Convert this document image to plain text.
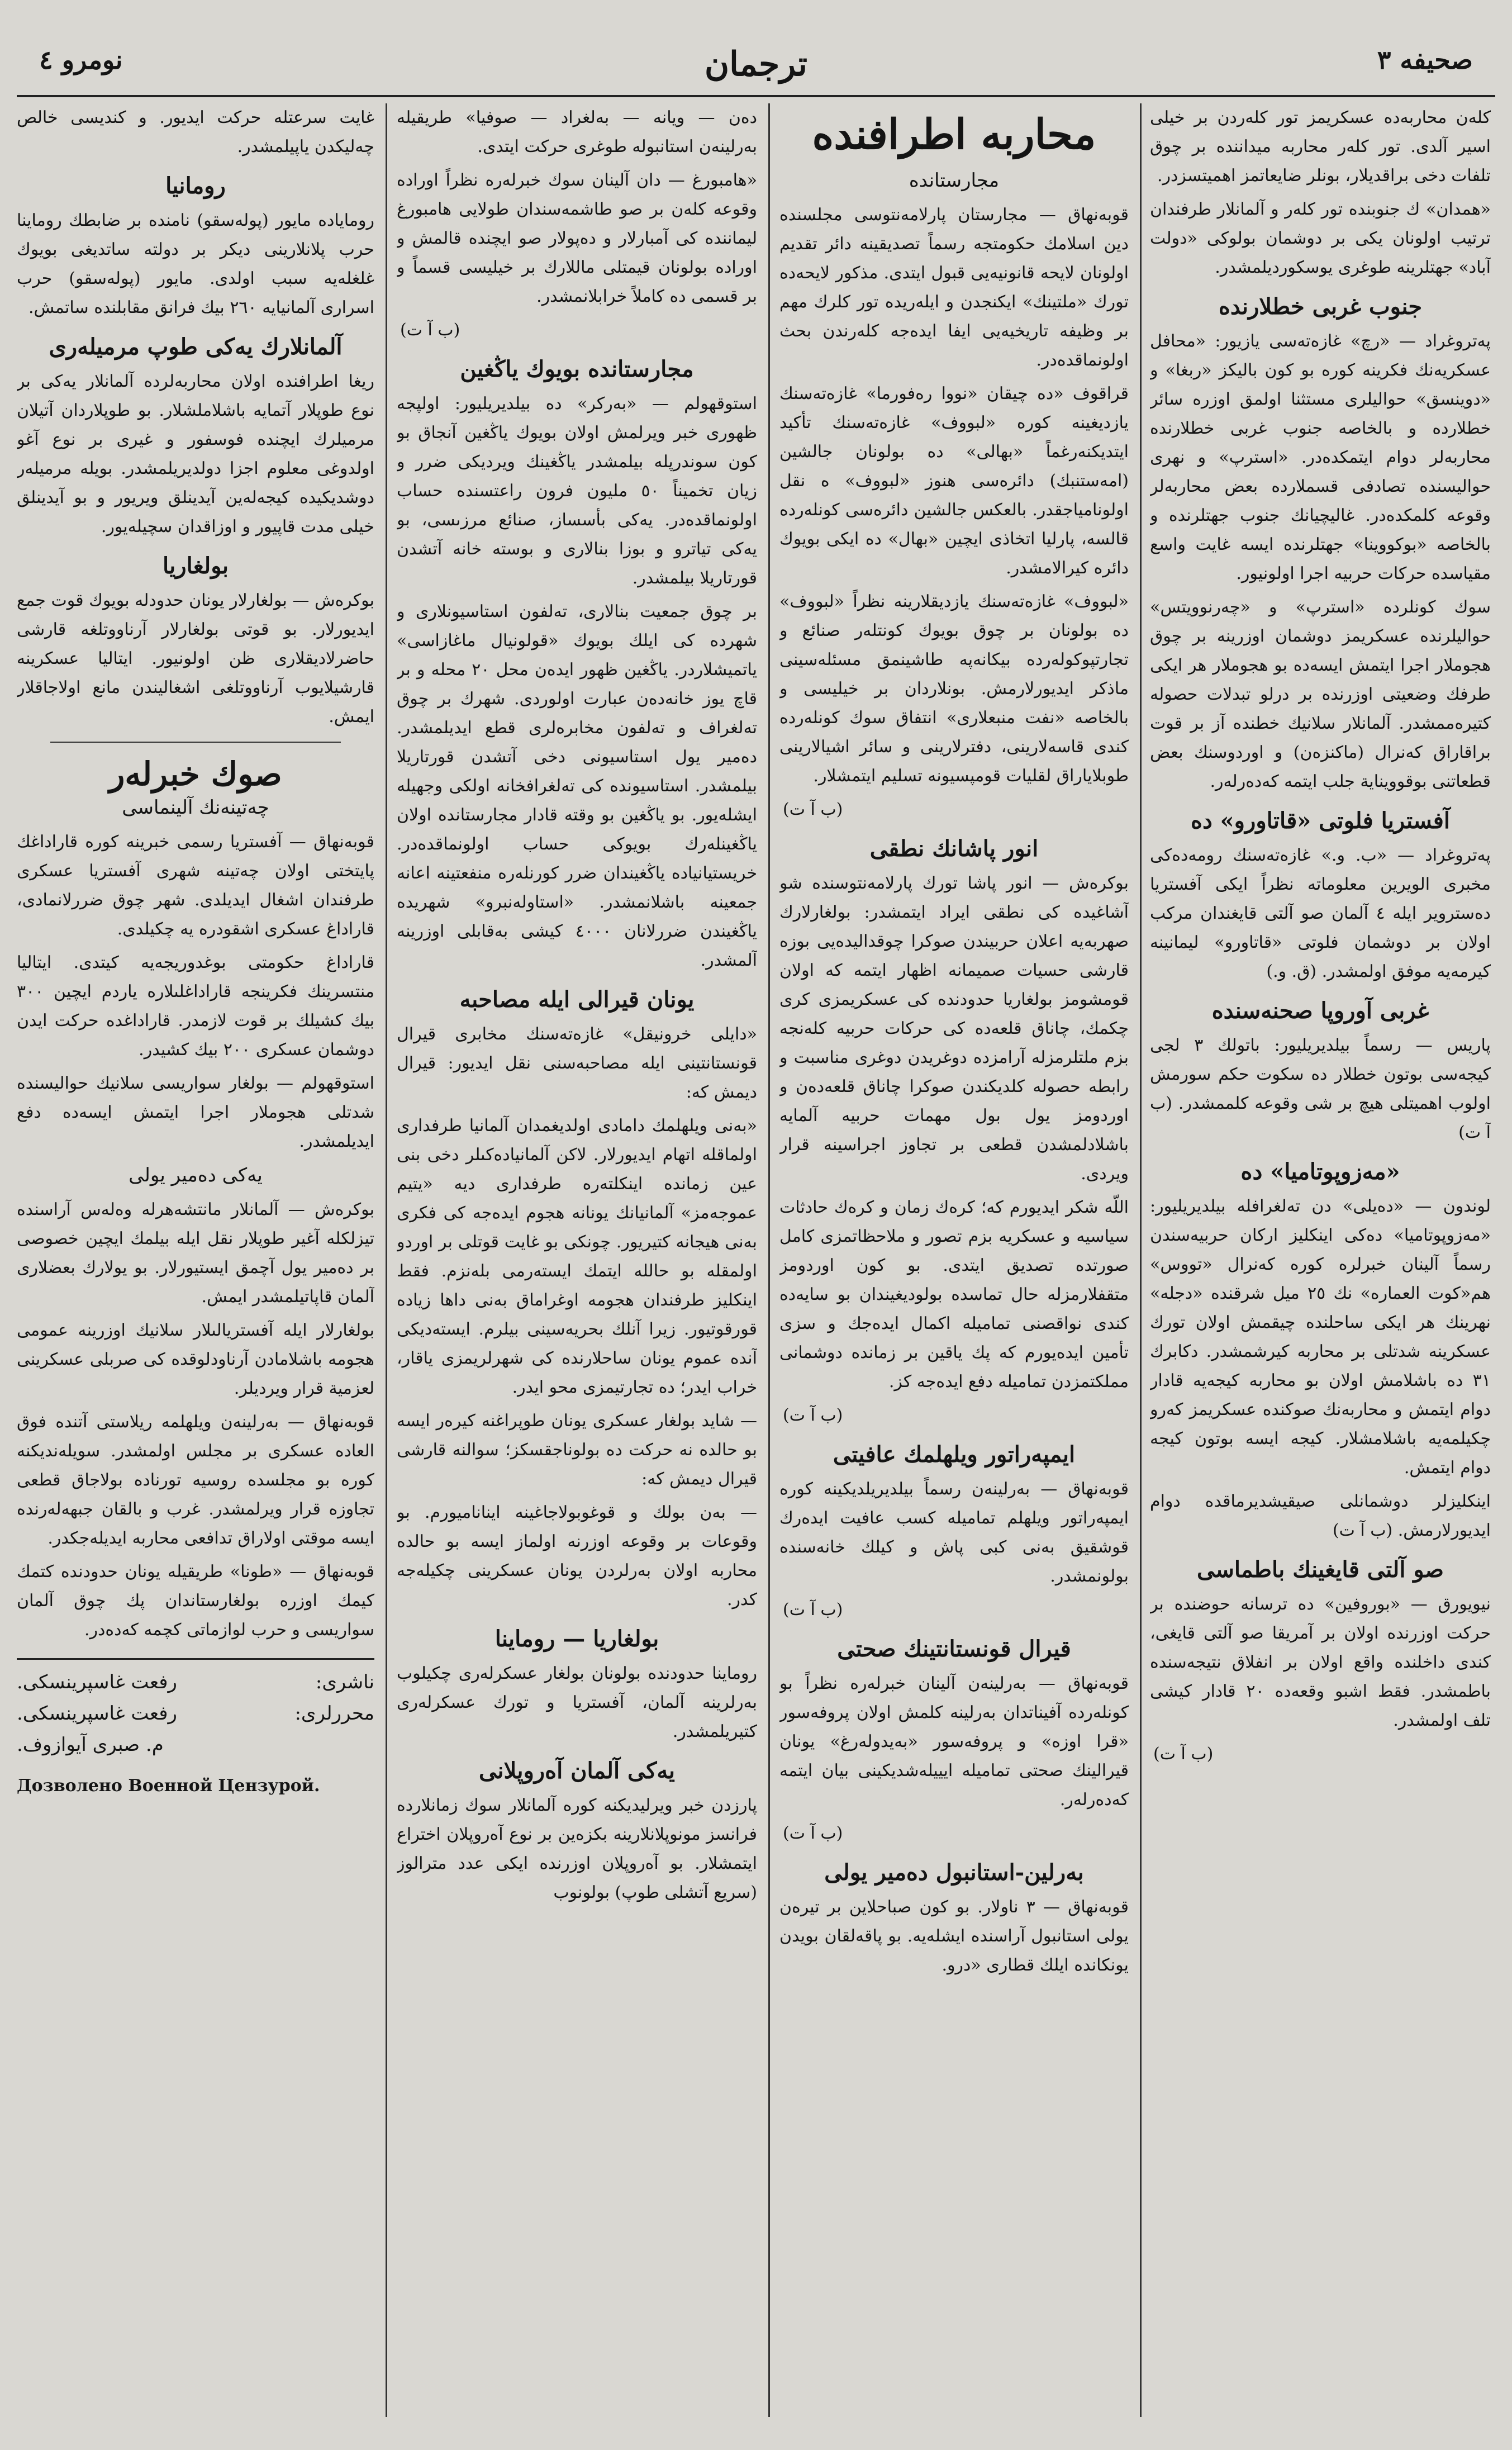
صحيفه ٣
ترجمان
نومرو ٤

كلەن محاربەدە عسكريمز تور كلەردن بر خيلى اسير آلدى. تور كلەر محاربە ميدانندە بر چوق تلفات دخى براقديلار، بونلر ضايعاتمز اهميتسزدر.

«همدان» ك جنوبندە تور كلەر و آلمانلار طرفندان ترتيب اولونان يكى بر دوشمان بولوكى «دولت آباد» جهتلرينە طوغرى يوسكورديلمشدر.

جنوب غربى خطلارندە

پەتروغراد — «رچ» غازەتەسى يازيور: «محافل عسكريەنك فكرينە كورە بو كون باليكز «ربغا» و «دوينسق» حواليلرى مستثنا اولمق اوزرە سائر خطلاردە و بالخاصە جنوب غربى خطلارندە محاربەلر دوام ايتمكدەدر. «استرپ» و نهرى حواليسندە تصادفى قسملاردە بعض محاربەلر وقوعە كلمكدەدر. غاليچيانك جنوب جهتلرندە و بالخاصە «بوكووينا» جهتلرندە ايسە غايت واسع مقياسدە حركات حربيە اجرا اولونيور.

سوك كونلردە «استرپ» و «چەرنوويتس» حواليلرندە عسكريمز دوشمان اوزرينە بر چوق هجوملار اجرا ايتمش ايسەدە بو هجوملار هر ايكى طرفك وضعيتى اوزرندە بر درلو تبدلات حصولە كتيرەممشدر. آلمانلار سلانيك خطندە آز بر قوت براقاراق كەنرال (ماكنزەن) و اوردوسنك بعض قطعاتنى بوقوويناية جلب ايتمە كەدەرلەر.

آفستريا فلوتى «قاتاورو» دە

پەتروغراد — «ب. و.» غازەتەسنك رومەدەكى مخبرى الويرين معلوماتە نظراً ايكى آفستريا دەستروير ايلە ٤ آلمان صو آلتى قايغندان مركب اولان بر دوشمان فلوتى «قاتاورو» ليمانينە كيرمەيە موفق اولمشدر. (ق. و.)

غربى آوروپا صحنەسندە

پاريس — رسماً بيلديريليور: باتولك ٣ لجى كيجەسى بوتون خطلار دە سكوت حكم سورمش اولوب اهميتلى هيچ بر شى وقوعە كلممشدر. (ب آ ت)

«مەزوپوتاميا» دە

لوندون — «دەيلى» دن تەلغرافلە بيلديريليور: «مەزوپوتاميا» دەكى اينكليز اركان حربيەسندن رسماً آلينان خبرلرە كورە كەنرال «تووس» هم«كوت العمارە» نك ٢٥ ميل شرقندە «دجلە» نهرينك هر ايكى ساحلندە چيقمش اولان تورك عسكرينە شدتلى بر محاربە كيرشمشدر. دكابرك ٣١ دە باشلامش اولان بو محاربە كيجەيە قادار دوام ايتمش و محاربەنك صوكنده عسكريمز كەرو چكيلمەيە باشلامشلار. كيجە ايسە بوتون كيجە دوام ايتمش.

اينكليزلر دوشمانلى صيقيشديرماقدە دوام ايديورلارمش. (ب آ ت)

صو آلتى قايغينك باطماسى

نيويورق — «بوروفين» دە ترسانە حوضندە بر حركت اوزرندە اولان بر آمريقا صو آلتى قايغى، كندى داخلندە واقع اولان بر انفلاق نتيجەسندە باطمشدر. فقط اشبو وقعەدە ٢٠ قادار كيشى تلف اولمشدر.

(ب آ ت)
محاربه اطرافنده
مجارستانده

قوبەنهاق — مجارستان پارلامەنتوسى مجلسندە دين اسلامك حكومتجە رسماً تصديقينە دائر تقديم اولونان لايحە قانونيەيى قبول ايتدى. مذكور لايحەدە تورك «ملتينك» ايكنجدن و ايلەريدە تور كلرك مهم بر وظيفە تاريخيەيى ايفا ايدەجە كلەرندن بحث اولونماقدەدر.

قراقوف «دە چيقان «نووا رەفورما» غازەتەسنك يازديغينە كورە «لبووف» غازەتەسنك تأكيد ايتديكنەرغماً «بهالى» دە بولونان جالشين (امەستنبك) دائرەسى هنوز «لبووف» ە نقل اولونامياجقدر. بالعكس جالشين دائرەسى كونلەردە قالسە، پارليا اتخاذى ايچين «بهال» دە ايكى بويوك دائرە كيرالامشدر.

«لبووف» غازەتەسنك يازديقلارينە نظراً «لبووف» دە بولونان بر چوق بويوك كونتلەر صنائع و تجارتپوكولەردە بيكانەپە طاشينمق مسئلەسينى ماذكر ايديورلارمش. بونلاردان بر خيليسى و بالخاصە «نفت منبعلارى» انتفاق سوك كونلەردە كندى قاسەلارينى، دفترلارينى و سائر اشيالارينى طوبلاياراق لقليات قومپسيونە تسليم ايتمشلار.

(ب آ ت)
انور پاشانك نطقى

بوكرەش — انور پاشا تورك پارلامەنتوسندە شو آشاغيدە كى نطقى ايراد ايتمشدر: بولغارلارك صهربەيە اعلان حربيندن صوكرا چوقداليدەيى بوزە قارشى حسيات صميمانە اظهار ايتمە كە اولان قومشومز بولغاريا حدودندە كى عسكريمزى كرى چكمك، چاناق قلعەدە كى حركات حربيە كلەنجە بزم ملتلرمزلە آرامزدە دوغريدن دوغرى مناسبت و رابطە حصولە كلديكندن صوكرا چاناق قلعەدەن و اوردومز يول بول مهمات حربيە آلمايە باشلادلمشدن قطعى بر تجاوز اجراسينە قرار ويردى.

اللّه شكر ايديورم كە؛ كرەك زمان و كرەك حادثات سياسيە و عسكريە بزم تصور و ملاحظاتمزى كامل صورتدە تصديق ايتدى. بو كون اوردومز متقفلارمزلە حال تماسدە بولوديغيندان بو سايەدە كندى نواقصنى تماميلە اكمال ايدەجك و سزى تأمين ايدەيورم كە پك ياقين بر زماندە دوشمانى مملكتمزدن تماميلە دفع ايدەجە كز.

(ب آ ت)
ايمپەراتور ويلهلمك عافيتى

قوبەنهاق — بەرلينەن رسماً بيلديريلديكينە كورە ايمپەراتور ويلهلم تماميلە كسب عافيت ايدەرك قوشقيق بەنى كبى پاش و كيلك خانەسندە بولونمشدر.

(ب آ ت)
قيرال قونستانتينك صحتى

قوبەنهاق — بەرلينەن آلينان خبرلەرە نظراً بو كونلەردە آفيناتدان بەرلينە كلمش اولان پروفەسور «قرا اوزە» و پروفەسور «بەيدولەرغ» يونان قيرالينك صحتى تماميلە ايييلەشديكينى بيان ايتمە كەدەرلەر.

(ب آ ت)
بەرلين-استانبول دەمير يولى

قوبەنهاق — ٣ ناولار. بو كون صباحلاين بر تيرەن يولى استانبول آراسندە ايشلەيە. بو پاقەلقان بويدن يونكانده ايلك قطارى «درو.

دەن — ويانە — بەلغراد — صوفيا» طريقيلە بەرلينەن استانبولە طوغرى حركت ايتدى.

«هامبورغ — دان آلينان سوك خبرلەرە نظراً اوراده وقوعە كلەن بر صو طاشمەسندان طولايى هامبورغ ليمانندە كى آمبارلار و دەپولار صو ايچندە قالمش و اوراده بولونان قيمتلى ماللارك بر خيليسى قسماً و بر قسمى دە كاملاً خرابلانمشدر.

(ب آ ت)
مجارستانده بويوك ياڭغين

استوقهولم — «بەركر» دە بيلديريليور: اولپجە ظهورى خبر ويرلمش اولان بويوك ياڭغين آنجاق بو كون سوندرپلە بيلمشدر ياڭغينك ويرديكى ضرر و زيان تخميناً ٥٠ مليون فرون راعتسندە حساب اولونماقدەدر. يەكى بأسساز، صنائع مرزىسى، بو يەكى تياترو و بوزا بنالارى و بوستە خانە آتشدن قورتاريلا بيلمشدر.

بر چوق جمعيت بنالارى، تەلفون استاسيونلارى و شهردە كى ايلك بويوك «قولونيال ماغازاسى» ياتميشلاردر. ياڭغين ظهور ايدەن محل ٢٠ محلە و بر قاچ يوز خانەدەن عبارت اولوردى. شهرك بر چوق تەلغراف و تەلفون مخابرەلرى قطع ايديلمشدر. دەمير يول استاسيونى دخى آتشدن قورتاريلا بيلمشدر. استاسيوندە كى تەلغرافخانە اولكى وجهيلە ايشلەيور. بو ياڭغين بو وقتە قادار مجارستاندە اولان ياڭغينلەرك بويوكى حساب اولونماقدەدر. خريستيانيادە ياڭغيندان ضرر كورنلەرە منفعتينە اعانە جمعينە باشلانمشدر. «استاولەنبرو» شهريدە ياڭغيندن ضررلانان ٤٠٠٠ كيشى بەقابلى اوزرينە آلمشدر.

يونان قيرالى ايلە مصاحبه

«دايلى خرونيقل» غازەتەسنك مخابرى قيرال قونستانتينى ايلە مصاحبەسنى نقل ايديور: قيرال ديمش كە:

«بەنى ويلهلمك دامادى اولديغمدان آلمانيا طرفدارى اولماقلە اتهام ايديورلار. لاكن آلمانيادەكىلر دخى بنى عين زماندە اينكلتەرە طرفدارى ديە «يتيم عموجەمز» آلمانيانك يونانە هجوم ايدەجە كى فكرى بەنى هيجانە كتيريور. چونكى بو غايت قوتلى بر اوردو اولمقلە بو حاللە ايتمك ايستەرمى بلەنزم. فقط اينكليز طرفندان هجومە اوغراماق بەنى داها زيادە قورقوتيور. زيرا آنلك بحريەسينى بيلرم. ايستەديكى آندە عموم يونان ساحلارندە كى شهرلريمزى ياقار، خراب ايدر؛ دە تجارتيمزى محو ايدر.

— شايد بولغار عسكرى يونان طوپراغنە كيرەر ايسە بو حالدە نە حركت دە بولوناجقسكز؛ سوالنە قارشى قيرال ديمش كە:

— بەن بولك و قوغوبولاجاغينە ايناناميورم. بو وقوعات بر وقوعە اوزرنە اولماز ايسە بو حالدە محاربە اولان بەرلردن يونان عسكرينى چكيلەجە كدر.

بولغاريا — روماينا

روماينا حدودندە بولونان بولغار عسكرلەرى چكيلوب بەرلرينە آلمان، آفستريا و تورك عسكرلەرى كتيريلمشدر.

يەكى آلمان آەروپلانى

پارزدن خبر ويرليديكنە كورە آلمانلار سوك زمانلاردە فرانسز مونوپلانلارينە بكزەين بر نوع آەروپلان اختراع ايتمشلار. بو آەروپلان اوزرندە ايكى عدد مترالوز (سريع آتشلى طوپ) بولونوب

غايت سرعتلە حركت ايديور. و كنديسى خالص چەليكدن ياپيلمشدر.

رومانيا

روماياده مايور (پولەسقو) نامندە بر ضابطك روماينا حرب پلانلارينى ديكر بر دولتە ساتديغى بويوك غلغلەيە سبب اولدى. مايور (پولەسقو) حرب اسرارى آلمانيايە ٢٦٠ بيك فرانق مقابلندە ساتمش.

آلمانلارك يەكى طوپ مرميلەرى

ريغا اطرافندە اولان محاربەلردە آلمانلار يەكى بر نوع طوپلار آتمايە باشلاملشلار. بو طوپلاردان آتيلان مرميلرك ايچندە فوسفور و غيرى بر نوع آغو اولدوغى معلوم اجزا دولديريلمشدر. بويلە مرميلەر دوشديكيدە كيجەلەين آيدينلق ويريور و بو آيدينلق خيلى مدت قاپيور و اوزاقدان سچيلەيور.

بولغاريا

بوكرەش — بولغارلار يونان حدودلە بويوك قوت جمع ايديورلار. بو قوتى بولغارلار آرناووتلغە قارشى حاضرلاديقلارى ظن اولونيور. ايتاليا عسكرينە قارشيلايوب آرناووتلغى اشغاليندن مانع اولاجاقلار ايمش.

صوك خبرلەر
چەتينەنك آلينماسى

قوبەنهاق — آفستريا رسمى خبرينە كورە قاراداغك پايتختى اولان چەتينە شهرى آفستريا عسكرى طرفندان اشغال ايديلدى. شهر چوق ضررلانمادى، قاراداغ عسكرى اشقودرە يە چكيلدى.

قاراداغ حكومتى بوغدوريجەيە كيتدى. ايتاليا منتسرينك فكرينجە قاراداغلىلارە ياردم ايچين ٣٠٠ بيك كشيلك بر قوت لازمدر. قاراداغدە حركت ايدن دوشمان عسكرى ٢٠٠ بيك كشيدر.

استوقهولم — بولغار سواريسى سلانيك حواليسندە شدتلى هجوملار اجرا ايتمش ايسەدە دفع ايديلمشدر.

يەكى دەمير يولى

بوكرەش — آلمانلار مانتشەهرلە وەلەس آراسندە تيزلكلە آغير طوپلار نقل ايلە بيلمك ايچين خصوصى بر دەمير يول آچمق ايستيورلار. بو يولارك بعضلارى آلمان قاپاتيلمشدر ايمش.

بولغارلار ايلە آفستريالىلار سلانيك اوزرينە عمومى هجومە باشلامادن آرناودلوقدە كى صربلى عسكرينى لعزمية قرار ويرديلر.

قوبەنهاق — بەرلينەن ويلهلمە ريلاستى آتندە فوق العادە عسكرى بر مجلس اولمشدر. سويلەنديكنە كورە بو مجلسدە روسيە تورنادە بولاجاق قطعى تجاوزە قرار ويرلمشدر. غرب و بالقان جبهەلەرندە ايسە موقتى اولاراق تدافعى محاربە ايديلەجكدر.

قوبەنهاق — «طونا» طريقيلە يونان حدودندە كتمك كيمك اوزرە بولغارستاندان پك چوق آلمان سواريسى و حرب لوازماتى كچمە كەدەدر.

ناشرى:
رفعت غاسپرينسكى.
محررلرى:
رفعت غاسپرينسكى.
م. صبرى آيوازوف.
Дозволено Военной Цензурой.
